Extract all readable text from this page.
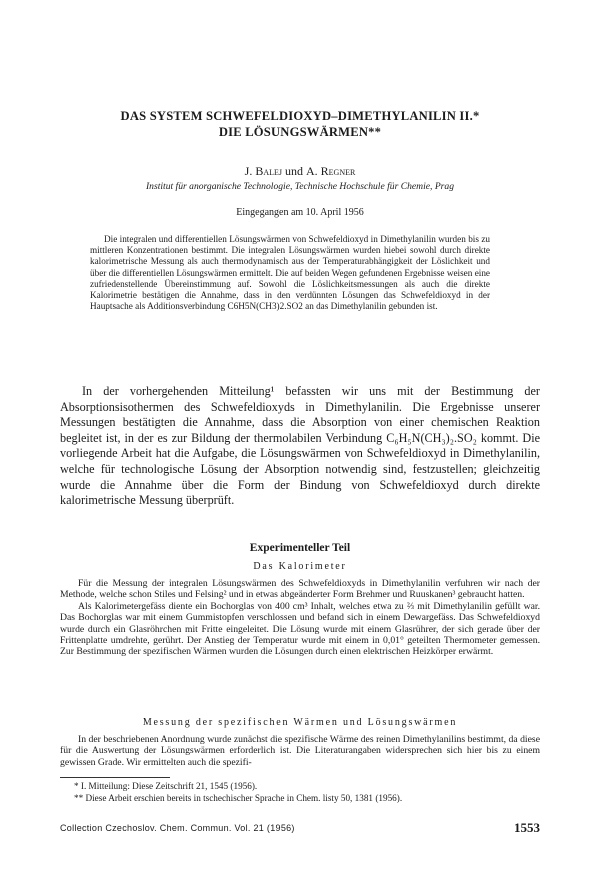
DAS SYSTEM SCHWEFELDIOXYD–DIMETHYLANILIN II.*
DIE LÖSUNGSWÄRMEN**
J. Balej und A. Regner
Institut für anorganische Technologie, Technische Hochschule für Chemie, Prag
Eingegangen am 10. April 1956

Die integralen und differentiellen Lösungswärmen von Schwefeldioxyd in Dimethylanilin wurden bis zu mittleren Konzentrationen bestimmt. Die integralen Lösungswärmen wurden hiebei sowohl durch direkte kalorimetrische Messung als auch thermodynamisch aus der Temperaturabhängigkeit der Löslichkeit und über die differentiellen Lösungswärmen ermittelt. Die auf beiden Wegen gefundenen Ergebnisse weisen eine zufriedenstellende Übereinstimmung auf. Sowohl die Löslichkeitsmessungen als auch die direkte Kalorimetrie bestätigen die Annahme, dass in den verdünnten Lösungen das Schwefeldioxyd in der Hauptsache als Additionsverbindung C6H5N(CH3)2.SO2 an das Dimethylanilin gebunden ist.

In der vorhergehenden Mitteilung¹ befassten wir uns mit der Bestimmung der Absorptionsisothermen des Schwefeldioxyds in Dimethylanilin. Die Ergebnisse unserer Messungen bestätigten die Annahme, dass die Absorption von einer chemischen Reaktion begleitet ist, in der es zur Bildung der thermolabilen Verbindung C₆H₅N(CH₃)₂.SO₂ kommt. Die vorliegende Arbeit hat die Aufgabe, die Lösungswärmen von Schwefeldioxyd in Dimethylanilin, welche für technologische Lösung der Absorption notwendig sind, festzustellen; gleichzeitig wurde die Annahme über die Form der Bindung von Schwefeldioxyd durch direkte kalorimetrische Messung überprüft.

Experimenteller Teil
Das Kalorimeter

Für die Messung der integralen Lösungswärmen des Schwefeldioxyds in Dimethylanilin verfuhren wir nach der Methode, welche schon Stiles und Felsing² und in etwas abgeänderter Form Brehmer und Ruuskanen³ gebraucht hatten.

Als Kalorimetergefäss diente ein Bochorglas von 400 cm³ Inhalt, welches etwa zu ⅔ mit Dimethylanilin gefüllt war. Das Bochorglas war mit einem Gummistopfen verschlossen und befand sich in einem Dewargefäss. Das Schwefeldioxyd wurde durch ein Glasröhrchen mit Fritte eingeleitet. Die Lösung wurde mit einem Glasrührer, der sich gerade über der Frittenplatte umdrehte, gerührt. Der Anstieg der Temperatur wurde mit einem in 0,01° geteilten Thermometer gemessen. Zur Bestimmung der spezifischen Wärmen wurden die Lösungen durch einen elektrischen Heizkörper erwärmt.

Messung der spezifischen Wärmen und Lösungswärmen

In der beschriebenen Anordnung wurde zunächst die spezifische Wärme des reinen Dimethylanilins bestimmt, da diese für die Auswertung der Lösungswärmen erforderlich ist. Die Literaturangaben widersprechen sich hier bis zu einem gewissen Grade. Wir ermittelten auch die spezifi-

* I. Mitteilung: Diese Zeitschrift 21, 1545 (1956).

** Diese Arbeit erschien bereits in tschechischer Sprache in Chem. listy 50, 1381 (1956).

Collection Czechoslov. Chem. Commun. Vol. 21 (1956)	1553
